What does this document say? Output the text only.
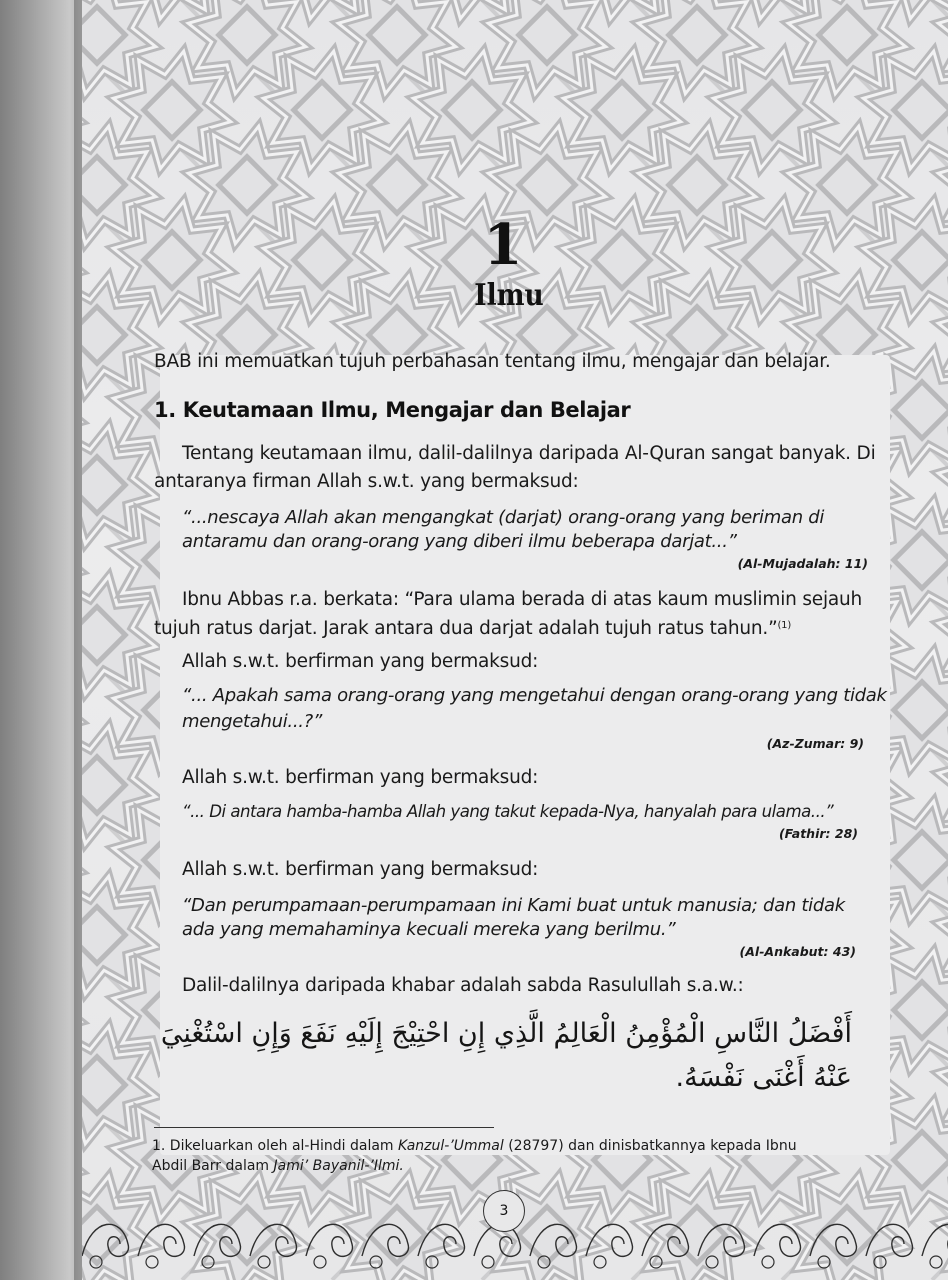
1
Ilmu
BAB ini memuatkan tujuh perbahasan tentang ilmu, mengajar dan belajar.
1. Keutamaan Ilmu, Mengajar dan Belajar
Tentang keutamaan ilmu, dalil-dalilnya daripada Al-Quran sangat banyak. Di
antaranya firman Allah s.w.t. yang bermaksud:
“...nescaya Allah akan mengangkat (darjat) orang-orang yang beriman di
antaramu dan orang-orang yang diberi ilmu beberapa darjat...”
(Al-Mujadalah: 11)
Ibnu Abbas r.a. berkata: “Para ulama berada di atas kaum muslimin sejauh
tujuh ratus darjat. Jarak antara dua darjat adalah tujuh ratus tahun.”$^{(1)}$
Allah s.w.t. berfirman yang bermaksud:
“... Apakah sama orang-orang yang mengetahui dengan orang-orang yang tidak
mengetahui...?”
(Az-Zumar: 9)
Allah s.w.t. berfirman yang bermaksud:
“... Di antara hamba-hamba Allah yang takut kepada-Nya, hanyalah para ulama...”
(Fathir: 28)
Allah s.w.t. berfirman yang bermaksud:
“Dan perumpamaan-perumpamaan ini Kami buat untuk manusia; dan tidak
ada yang memahaminya kecuali mereka yang berilmu.”
(Al-Ankabut: 43)
Dalil-dalilnya daripada khabar adalah sabda Rasulullah s.a.w.:
أَفْضَلُ النَّاسِ الْمُؤْمِنُ الْعَالِمُ الَّذِي إِنِ احْتِيْجَ إِلَيْهِ نَفَعَ وَإِنِ اسْتُغْنِيَ
عَنْهُ أَغْنَى نَفْسَهُ.
1. Dikeluarkan oleh al-Hindi dalam Kanzul-’Ummal (28797) dan dinisbatkannya kepada Ibnu
Abdil Barr dalam Jami’ Bayanil-’Ilmi.
3
